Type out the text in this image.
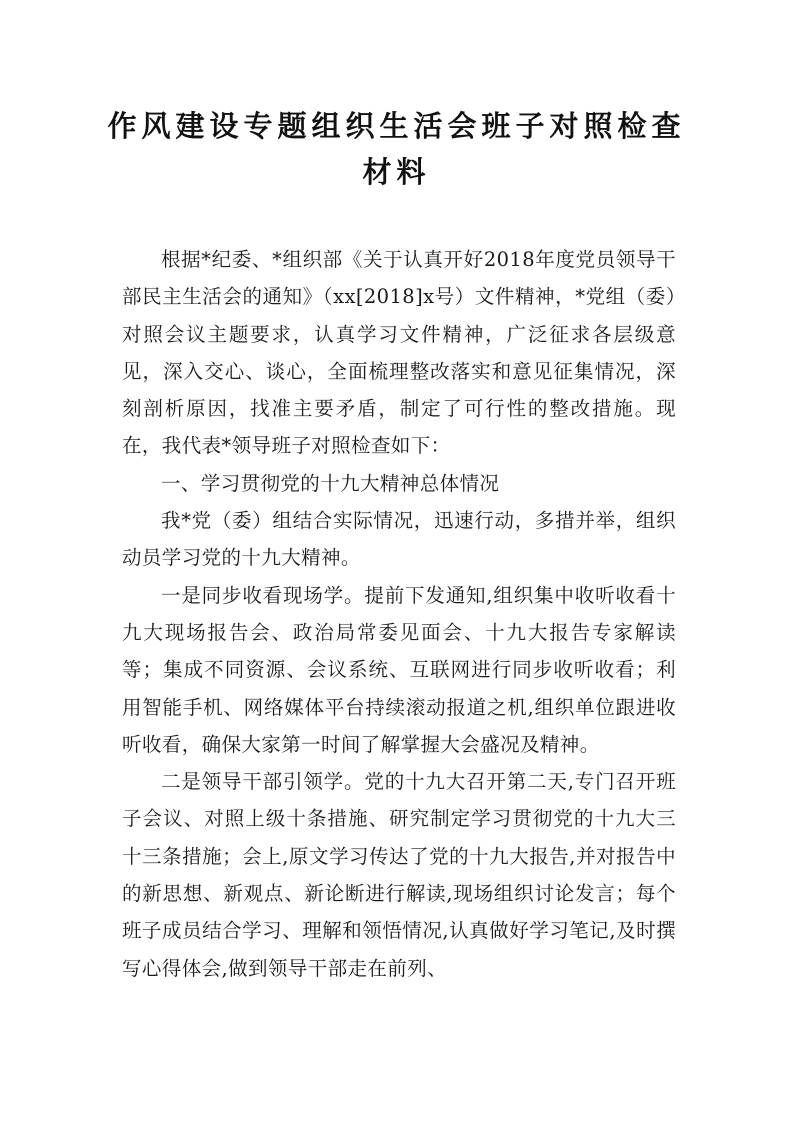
作风建设专题组织生活会班子对照检查
材料

根据*纪委、*组织部《关于认真开好2018年度党员领导干部民主生活会的通知》（xx[2018]x号）文件精神，*党组（委）对照会议主题要求，认真学习文件精神，广泛征求各层级意见，深入交心、谈心，全面梳理整改落实和意见征集情况，深刻剖析原因，找准主要矛盾，制定了可行性的整改措施。现在，我代表*领导班子对照检查如下：

一、学习贯彻党的十九大精神总体情况

我*党（委）组结合实际情况，迅速行动，多措并举，组织动员学习党的十九大精神。

一是同步收看现场学。提前下发通知,组织集中收听收看十九大现场报告会、政治局常委见面会、十九大报告专家解读等；集成不同资源、会议系统、互联网进行同步收听收看；利用智能手机、网络媒体平台持续滚动报道之机,组织单位跟进收听收看，确保大家第一时间了解掌握大会盛况及精神。

二是领导干部引领学。党的十九大召开第二天,专门召开班子会议、对照上级十条措施、研究制定学习贯彻党的十九大三十三条措施；会上,原文学习传达了党的十九大报告,并对报告中的新思想、新观点、新论断进行解读,现场组织讨论发言；每个班子成员结合学习、理解和领悟情况,认真做好学习笔记,及时撰写心得体会,做到领导干部走在前列、
